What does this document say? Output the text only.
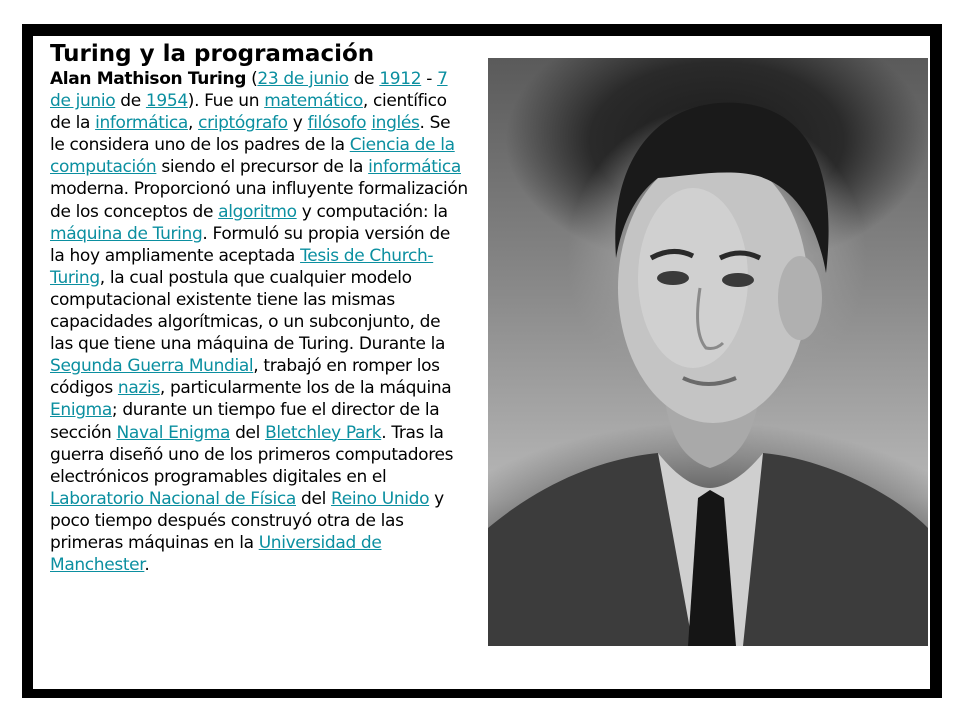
Turing y la programación

Alan Mathison Turing (23 de junio de 1912 - 7 de junio de 1954). Fue un matemático, científico de la informática, criptógrafo y filósofo inglés. Se le considera uno de los padres de la Ciencia de la computación siendo el precursor de la informática moderna. Proporcionó una influyente formalización de los conceptos de algoritmo y computación: la máquina de Turing. Formuló su propia versión de la hoy ampliamente aceptada Tesis de Church-Turing, la cual postula que cualquier modelo computacional existente tiene las mismas capacidades algorítmicas, o un subconjunto, de las que tiene una máquina de Turing. Durante la Segunda Guerra Mundial, trabajó en romper los códigos nazis, particularmente los de la máquina Enigma; durante un tiempo fue el director de la sección Naval Enigma del Bletchley Park. Tras la guerra diseñó uno de los primeros computadores electrónicos programables digitales en el Laboratorio Nacional de Física del Reino Unido y poco tiempo después construyó otra de las primeras máquinas en la Universidad de Manchester.
